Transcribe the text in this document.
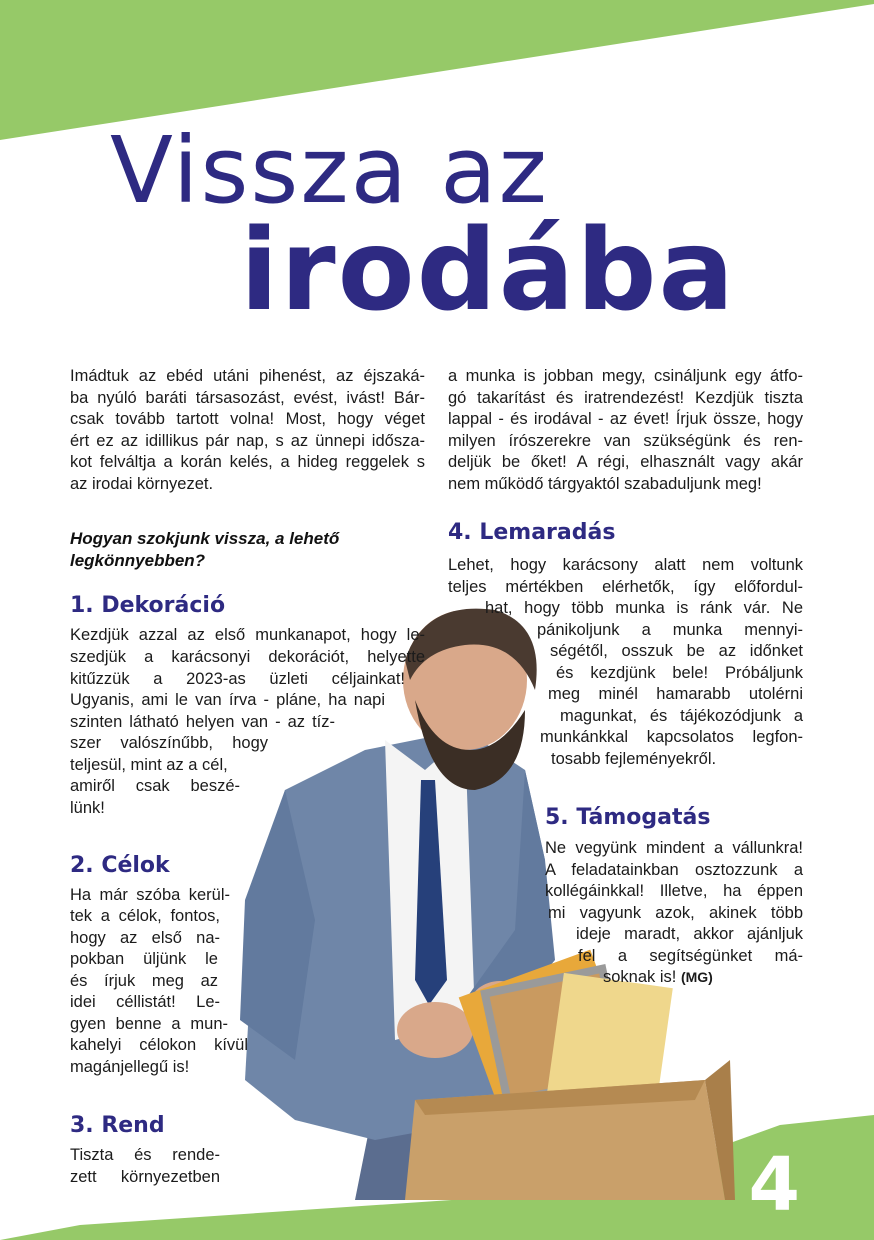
Vissza az
irodába
Imádtuk az ebéd utáni pihenést, az éjszaká-
ba nyúló baráti társasozást, evést, ivást! Bár-
csak tovább tartott volna! Most, hogy véget
ért ez az idillikus pár nap, s az ünnepi idősza-
kot felváltja a korán kelés, a hideg reggelek s
az irodai környezet.
Hogyan szokjunk vissza, a lehető
legkönnyebben?
1. Dekoráció
Kezdjük azzal az első munkanapot, hogy le-
szedjük a karácsonyi dekorációt, helyette
kitűzzük a 2023-as üzleti céljainkat!
Ugyanis, ami le van írva - pláne, ha napi
szinten látható helyen van - az tíz-
szer valószínűbb, hogy
teljesül, mint az a cél,
amiről csak beszé-
lünk!
2. Célok
Ha már szóba kerül-
tek a célok, fontos,
hogy az első na-
pokban üljünk le
és írjuk meg az
idei céllistát! Le-
gyen benne a mun-
kahelyi célokon kívül
magánjellegű is!
3. Rend
Tiszta és rende-
zett környezetben
a munka is jobban megy, csináljunk egy átfo-
gó takarítást és iratrendezést! Kezdjük tiszta
lappal - és irodával - az évet! Írjuk össze, hogy
milyen írószerekre van szükségünk és ren-
deljük be őket! A régi, elhasznált vagy akár
nem működő tárgyaktól szabaduljunk meg!
4. Lemaradás
Lehet, hogy karácsony alatt nem voltunk
teljes mértékben elérhetők, így előfordul-
hat, hogy több munka is ránk vár. Ne
pánikoljunk a munka mennyi-
ségétől, osszuk be az időnket
és kezdjünk bele! Próbáljunk
meg minél hamarabb utolérni
magunkat, és tájékozódjunk a
munkánkkal kapcsolatos legfon-
tosabb fejleményekről.
5. Támogatás
Ne vegyünk mindent a vállunkra!
A feladatainkban osztozzunk a
kollégáinkkal! Illetve, ha éppen
mi vagyunk azok, akinek több
ideje maradt, akkor ajánljuk
fel a segítségünket má-
soknak is! (MG)
4
